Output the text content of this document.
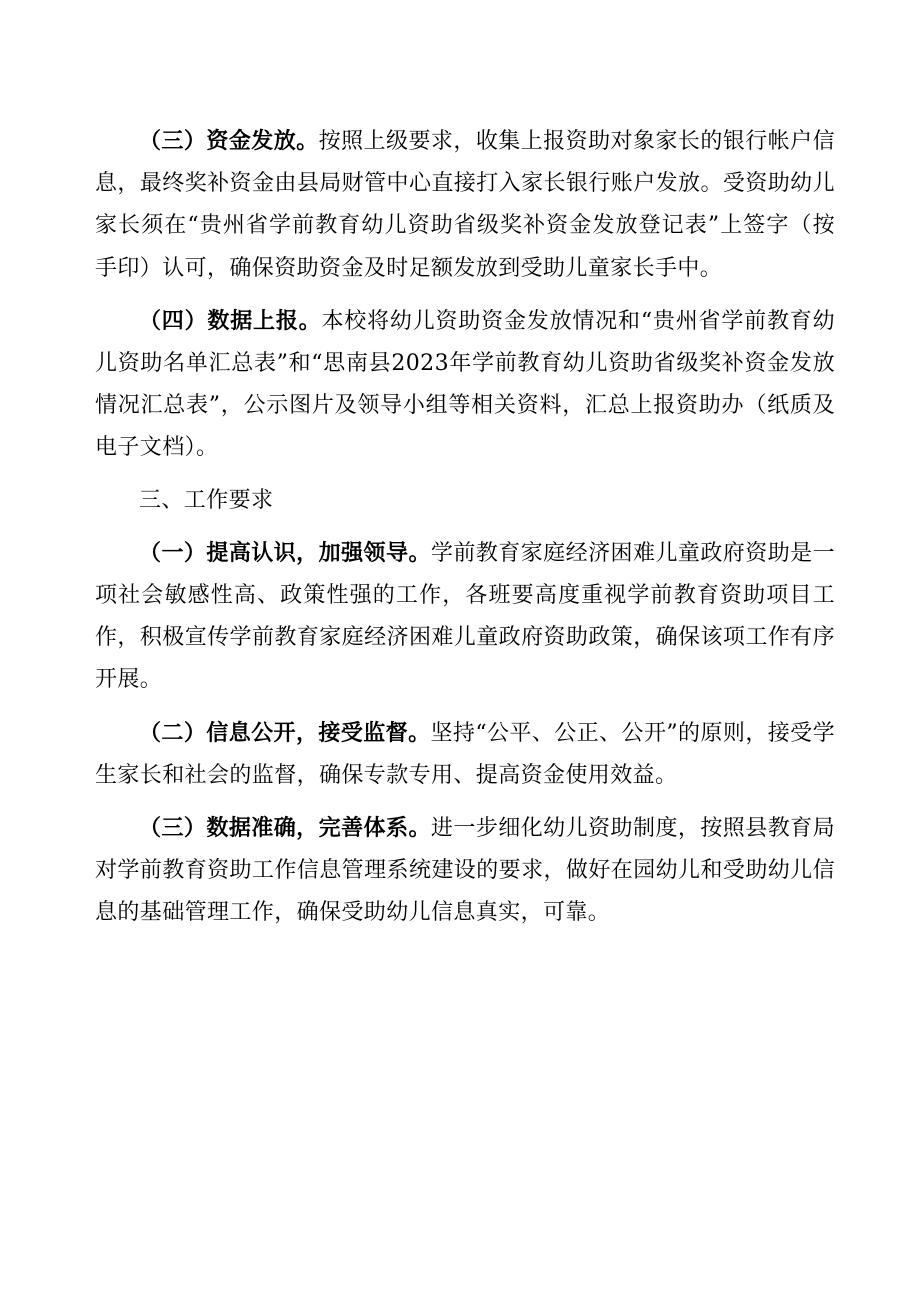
（三）资金发放。按照上级要求，收集上报资助对象家长的银行帐户信息，最终奖补资金由县局财管中心直接打入家长银行账户发放。受资助幼儿家长须在“贵州省学前教育幼儿资助省级奖补资金发放登记表”上签字（按手印）认可，确保资助资金及时足额发放到受助儿童家长手中。

（四）数据上报。本校将幼儿资助资金发放情况和“贵州省学前教育幼儿资助名单汇总表”和“思南县2023年学前教育幼儿资助省级奖补资金发放情况汇总表”，公示图片及领导小组等相关资料，汇总上报资助办（纸质及电子文档）。

三、工作要求

（一）提高认识，加强领导。学前教育家庭经济困难儿童政府资助是一项社会敏感性高、政策性强的工作，各班要高度重视学前教育资助项目工作，积极宣传学前教育家庭经济困难儿童政府资助政策，确保该项工作有序开展。

（二）信息公开，接受监督。坚持“公平、公正、公开”的原则，接受学生家长和社会的监督，确保专款专用、提高资金使用效益。

（三）数据准确，完善体系。进一步细化幼儿资助制度，按照县教育局对学前教育资助工作信息管理系统建设的要求，做好在园幼儿和受助幼儿信息的基础管理工作，确保受助幼儿信息真实，可靠。
